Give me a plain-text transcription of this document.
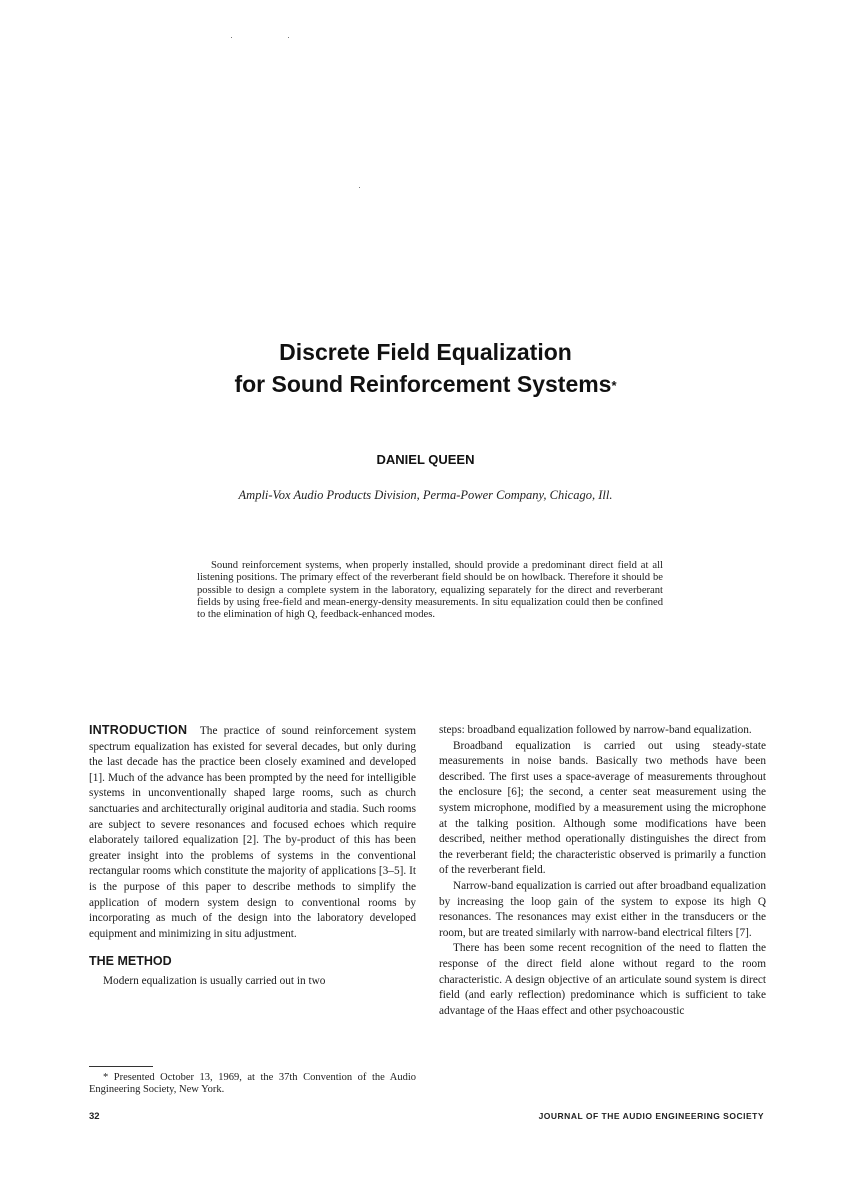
Discrete Field Equalization
for Sound Reinforcement Systems*
DANIEL QUEEN
Ampli-Vox Audio Products Division, Perma-Power Company, Chicago, Ill.
Sound reinforcement systems, when properly installed, should provide a predominant direct field at all listening positions. The primary effect of the reverberant field should be on howlback. Therefore it should be possible to design a complete system in the laboratory, equalizing separately for the direct and reverberant fields by using free-field and mean-energy-density measurements. In situ equalization could then be confined to the elimination of high Q, feedback-enhanced modes.

INTRODUCTION The practice of sound reinforcement system spectrum equalization has existed for several decades, but only during the last decade has the practice been closely examined and developed [1]. Much of the advance has been prompted by the need for intelligible systems in unconventionally shaped large rooms, such as church sanctuaries and architecturally original auditoria and stadia. Such rooms are subject to severe resonances and focused echoes which require elaborately tailored equalization [2]. The by-product of this has been greater insight into the problems of systems in the conventional rectangular rooms which constitute the majority of applications [3–5]. It is the purpose of this paper to describe methods to simplify the application of modern system design to conventional rooms by incorporating as much of the design into the laboratory developed equipment and minimizing in situ adjustment.

THE METHOD

Modern equalization is usually carried out in two

steps: broadband equalization followed by narrow-band equalization.

Broadband equalization is carried out using steady-state measurements in noise bands. Basically two methods have been described. The first uses a space-average of measurements throughout the enclosure [6]; the second, a center seat measurement using the system microphone, modified by a measurement using the microphone at the talking position. Although some modifications have been described, neither method operationally distinguishes the direct from the reverberant field; the characteristic observed is primarily a function of the reverberant field.

Narrow-band equalization is carried out after broadband equalization by increasing the loop gain of the system to expose its high Q resonances. The resonances may exist either in the transducers or the room, but are treated similarly with narrow-band electrical filters [7].

There has been some recent recognition of the need to flatten the response of the direct field alone without regard to the room characteristic. A design objective of an articulate sound system is direct field (and early reflection) predominance which is sufficient to take advantage of the Haas effect and other psychoacoustic

* Presented October 13, 1969, at the 37th Convention of the Audio Engineering Society, New York.
32	JOURNAL OF THE AUDIO ENGINEERING SOCIETY
